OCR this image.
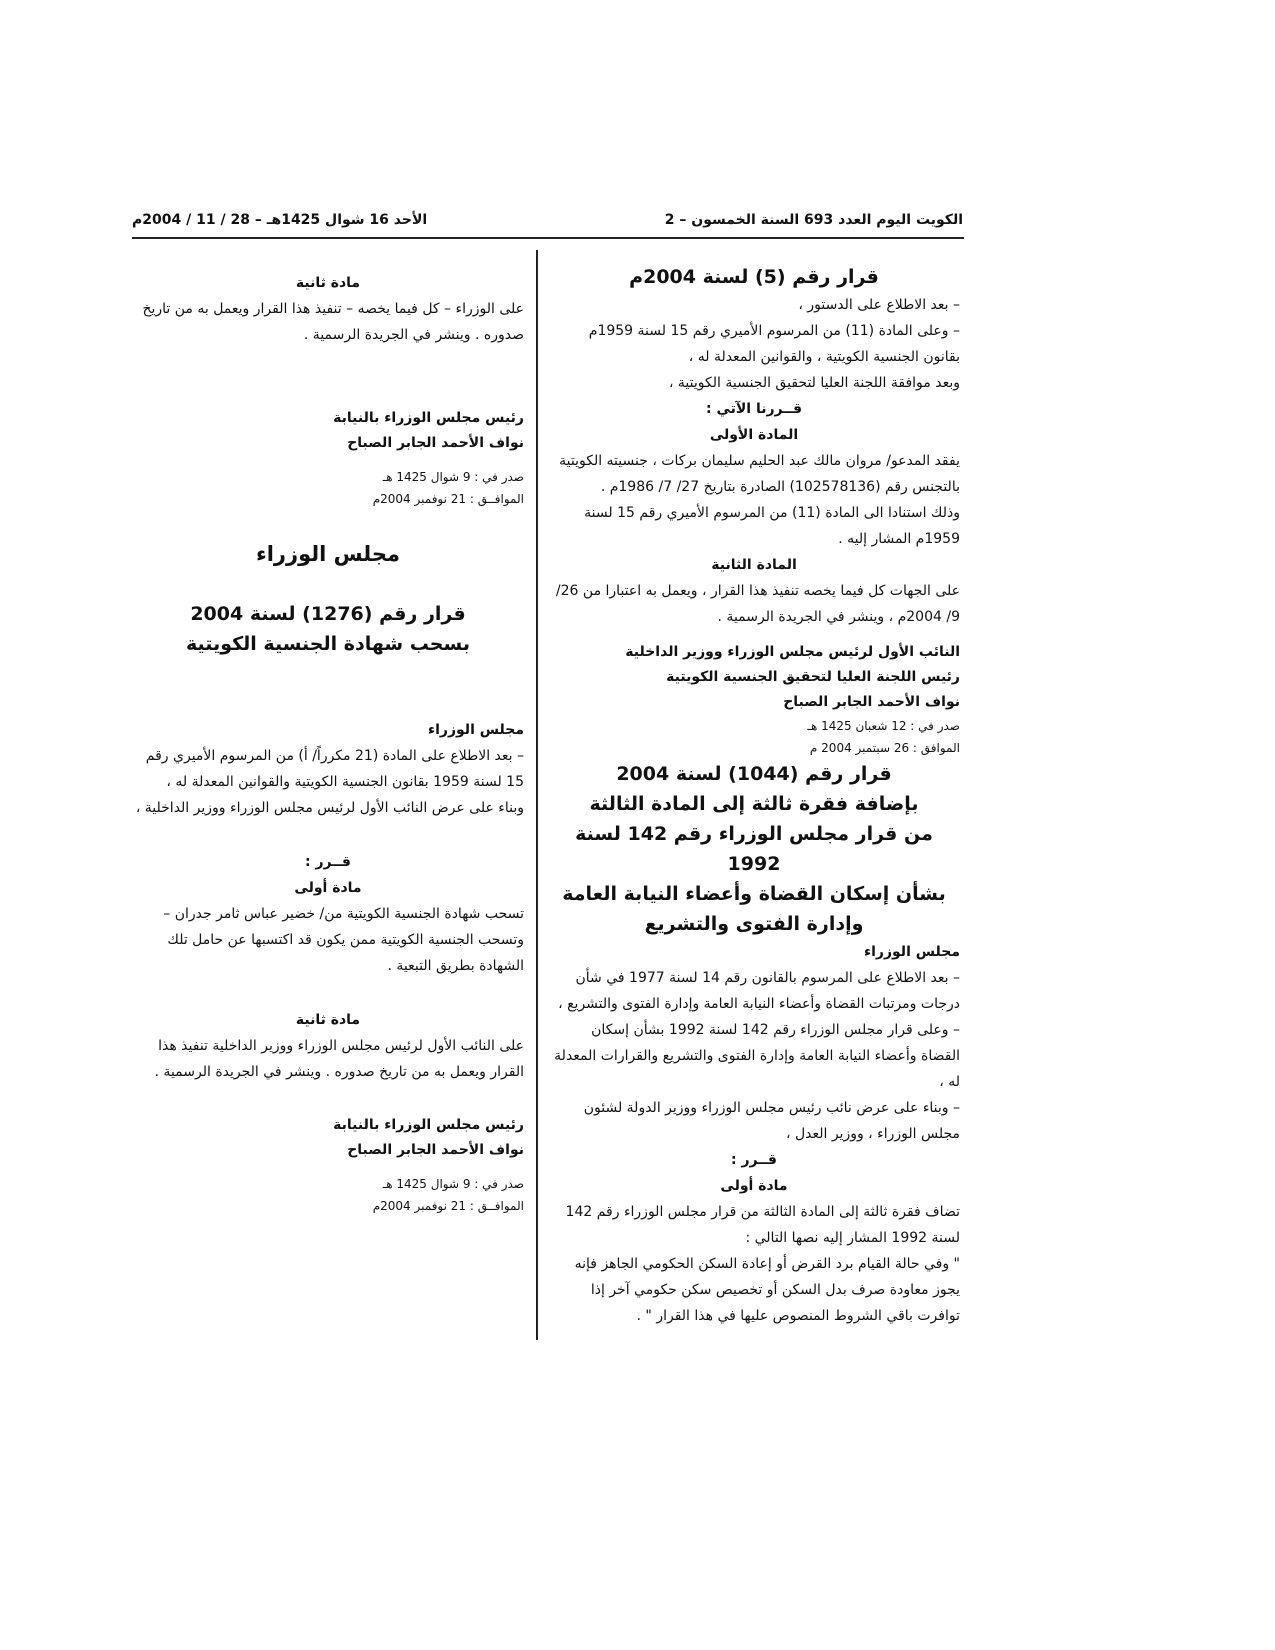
الكويت اليوم العدد 693 السنة الخمسون – 2
الأحد 16 شوال 1425هـ – 28 / 11 / 2004م

قرار رقم (5) لسنة 2004م

– بعد الاطلاع على الدستور ،

– وعلى المادة (11) من المرسوم الأميري رقم 15 لسنة 1959م بقانون الجنسية الكويتية ، والقوانين المعدلة له ،

وبعد موافقة اللجنة العليا لتحقيق الجنسية الكويتية ،

قــررنا الآتي :

المادة الأولى

يفقد المدعو/ مروان مالك عبد الحليم سليمان بركات ، جنسيته الكويتية بالتجنس رقم (102578136) الصادرة بتاريخ 27/ 7/ 1986م .

وذلك استنادا الى المادة (11) من المرسوم الأميري رقم 15 لسنة 1959م المشار إليه .

المادة الثانية

على الجهات كل فيما يخصه تنفيذ هذا القرار ، ويعمل به اعتبارا من 26/ 9/ 2004م ، وينشر في الجريدة الرسمية .

النائب الأول لرئيس مجلس الوزراء ووزير الداخلية

رئيس اللجنة العليا لتحقيق الجنسية الكويتية

نواف الأحمد الجابر الصباح

صدر في : 12 شعبان 1425 هـ

الموافق : 26 سبتمبر 2004 م

قرار رقم (1044) لسنة 2004

بإضافة فقرة ثالثة إلى المادة الثالثة

من قرار مجلس الوزراء رقم 142 لسنة 1992

بشأن إسكان القضاة وأعضاء النيابة العامة

وإدارة الفتوى والتشريع

مجلس الوزراء

– بعد الاطلاع على المرسوم بالقانون رقم 14 لسنة 1977 في شأن درجات ومرتبات القضاة وأعضاء النيابة العامة وإدارة الفتوى والتشريع ،

– وعلى قرار مجلس الوزراء رقم 142 لسنة 1992 بشأن إسكان القضاة وأعضاء النيابة العامة وإدارة الفتوى والتشريع والقرارات المعدلة له ،

– وبناء على عرض نائب رئيس مجلس الوزراء ووزير الدولة لشئون مجلس الوزراء ، ووزير العدل ،

قــرر :

مادة أولى

تضاف فقرة ثالثة إلى المادة الثالثة من قرار مجلس الوزراء رقم 142 لسنة 1992 المشار إليه نصها التالي :

" وفي حالة القيام برد القرض أو إعادة السكن الحكومي الجاهز فإنه يجوز معاودة صرف بدل السكن أو تخصيص سكن حكومي آخر إذا توافرت باقي الشروط المنصوص عليها في هذا القرار " .

مادة ثانية

على الوزراء – كل فيما يخصه – تنفيذ هذا القرار ويعمل به من تاريخ صدوره . وينشر في الجريدة الرسمية .

رئيس مجلس الوزراء بالنيابة

نواف الأحمد الجابر الصباح

صدر في : 9 شوال 1425 هـ

الموافــق : 21 نوفمبر 2004م

مجلس الوزراء

قرار رقم (1276) لسنة 2004

بسحب شهادة الجنسية الكويتية

مجلس الوزراء

– بعد الاطلاع على المادة (21 مكرراً/ أ) من المرسوم الأميري رقم 15 لسنة 1959 بقانون الجنسية الكويتية والقوانين المعدلة له ،

وبناء على عرض النائب الأول لرئيس مجلس الوزراء ووزير الداخلية ،

قــرر :

مادة أولى

تسحب شهادة الجنسية الكويتية من/ خضير عباس ثامر جدران – وتسحب الجنسية الكويتية ممن يكون قد اكتسبها عن حامل تلك الشهادة بطريق التبعية .

مادة ثانية

على النائب الأول لرئيس مجلس الوزراء ووزير الداخلية تنفيذ هذا القرار ويعمل به من تاريخ صدوره . وينشر في الجريدة الرسمية .

رئيس مجلس الوزراء بالنيابة

نواف الأحمد الجابر الصباح

صدر في : 9 شوال 1425 هـ

الموافــق : 21 نوفمبر 2004م
